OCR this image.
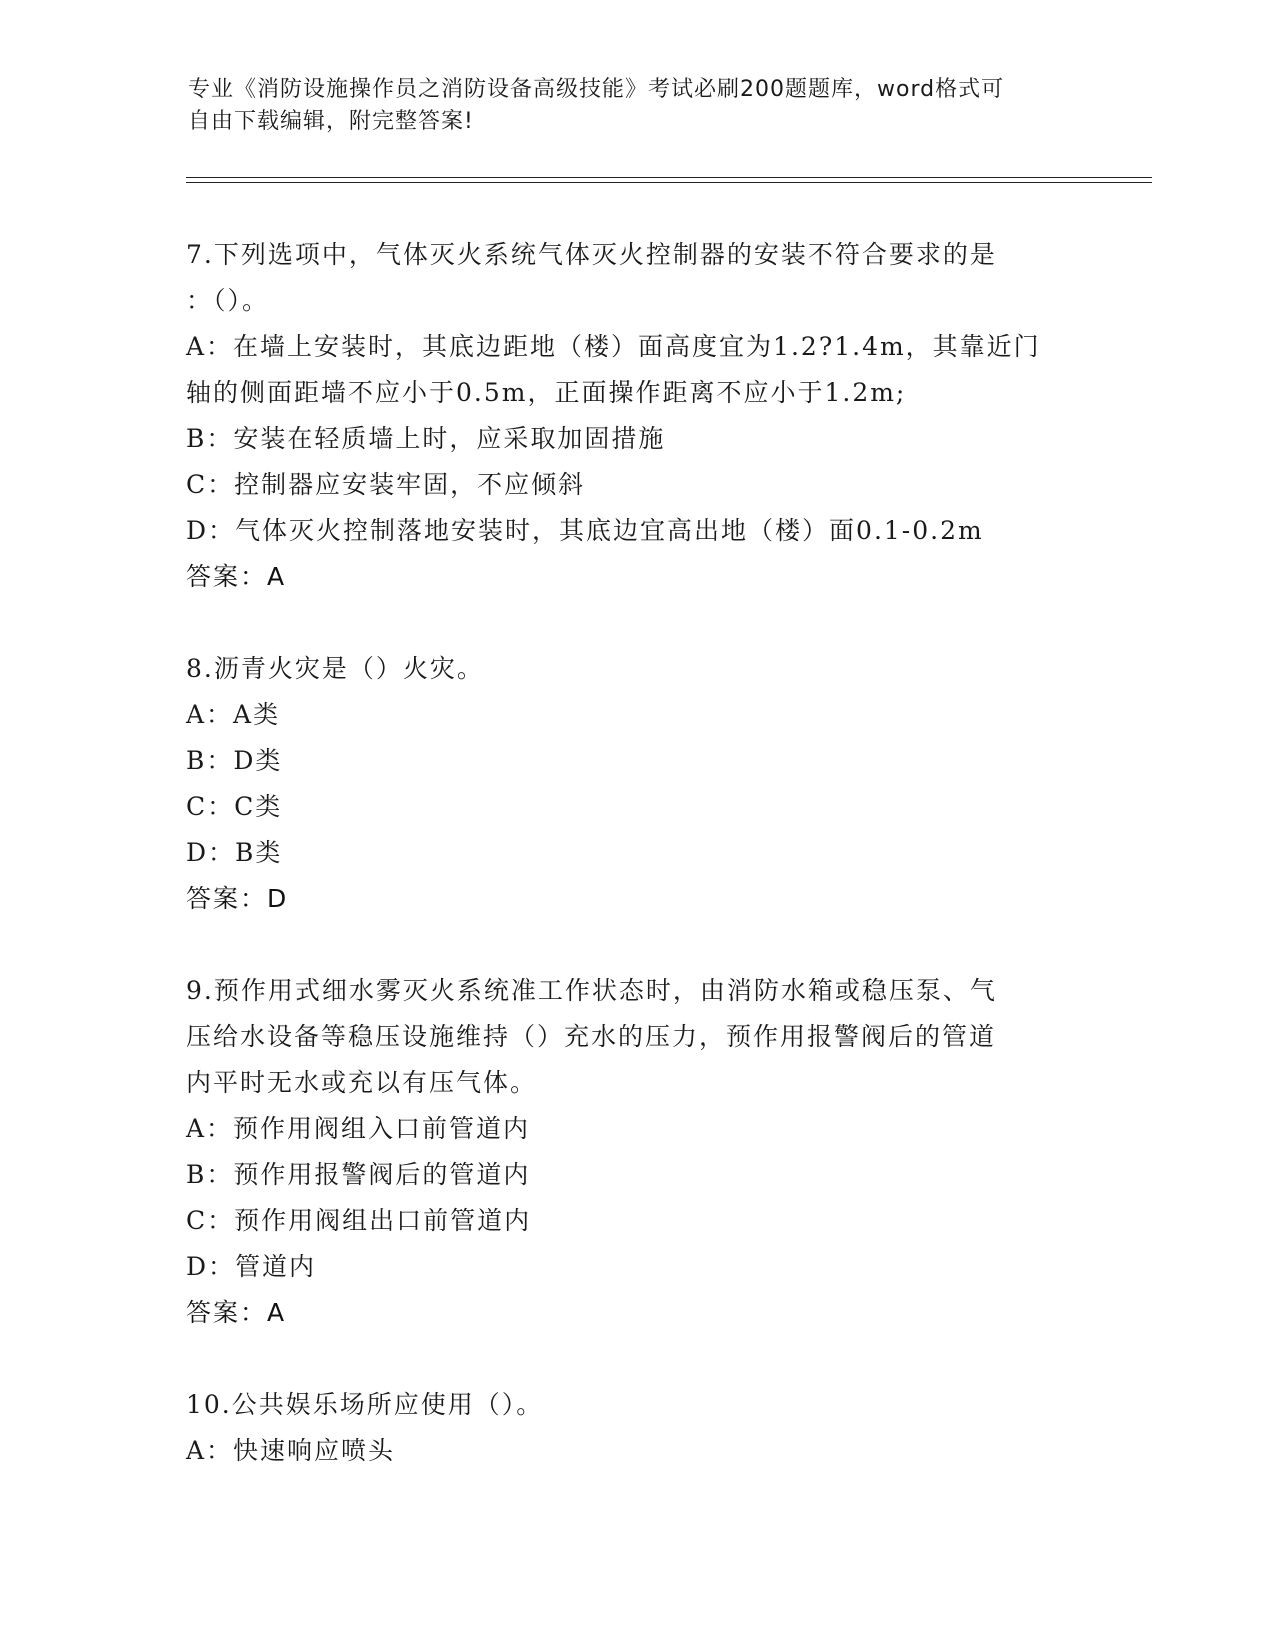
专业《消防设施操作员之消防设备高级技能》考试必刷200题题库，word格式可
自由下载编辑，附完整答案!
7.下列选项中，气体灭火系统气体灭火控制器的安装不符合要求的是
：（）。
A：在墙上安装时，其底边距地（楼）面高度宜为1.2?1.4m，其靠近门
轴的侧面距墙不应小于0.5m，正面操作距离不应小于1.2m;
B：安装在轻质墙上时，应采取加固措施
C：控制器应安装牢固，不应倾斜
D：气体灭火控制落地安装时，其底边宜高出地（楼）面0.1-0.2m
答案：A
8.沥青火灾是（）火灾。
A：A类
B：D类
C：C类
D：B类
答案：D
9.预作用式细水雾灭火系统准工作状态时，由消防水箱或稳压泵、气
压给水设备等稳压设施维持（）充水的压力，预作用报警阀后的管道
内平时无水或充以有压气体。
A：预作用阀组入口前管道内
B：预作用报警阀后的管道内
C：预作用阀组出口前管道内
D：管道内
答案：A
10.公共娱乐场所应使用（）。
A：快速响应喷头
